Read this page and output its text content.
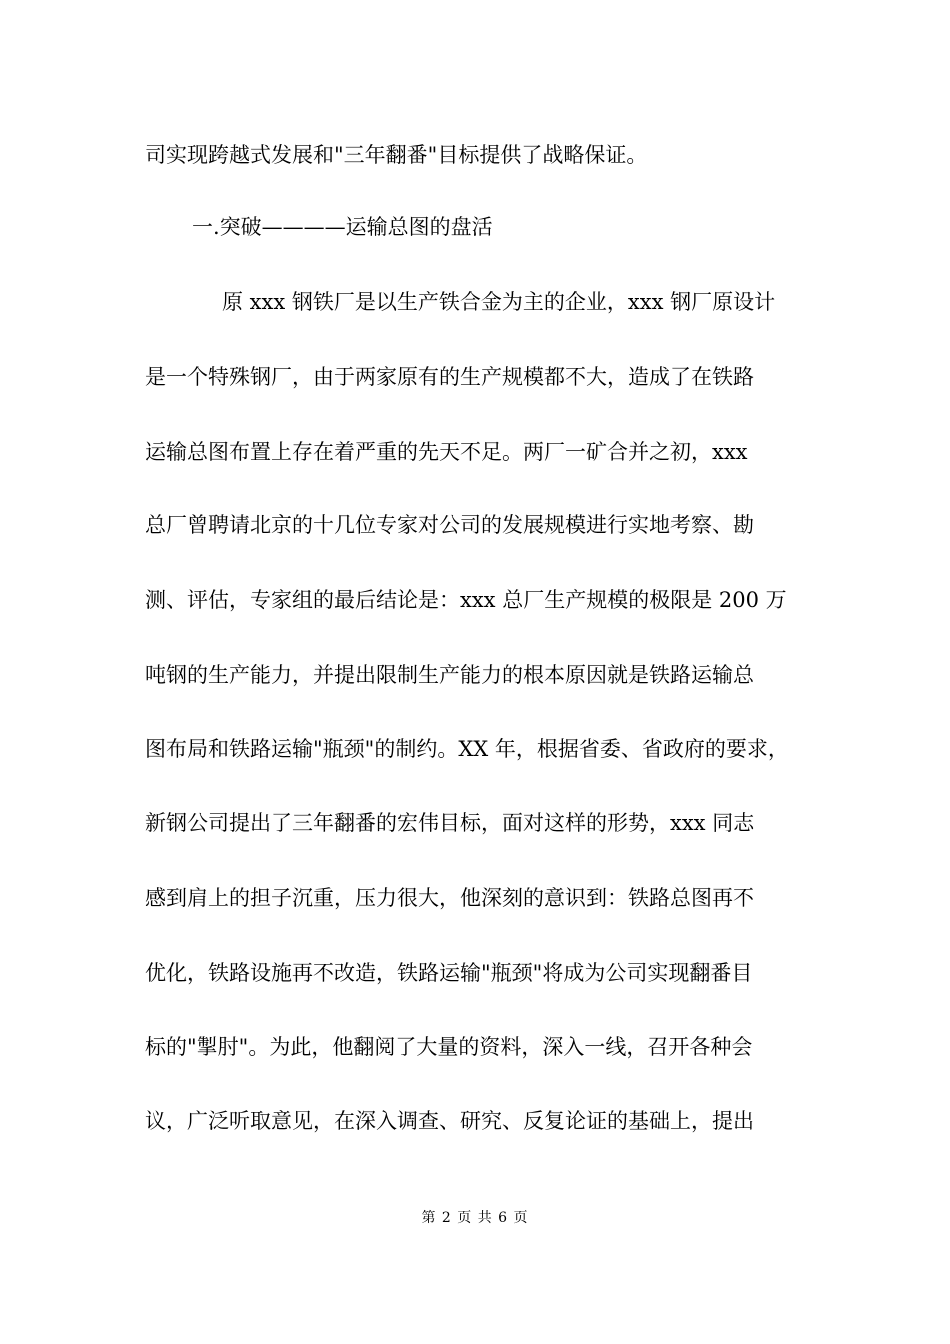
司实现跨越式发展和"三年翻番"目标提供了战略保证。
一.突破————运输总图的盘活
原 xxx 钢铁厂是以生产铁合金为主的企业，xxx 钢厂原设计
是一个特殊钢厂，由于两家原有的生产规模都不大，造成了在铁路
运输总图布置上存在着严重的先天不足。两厂一矿合并之初，xxx
总厂曾聘请北京的十几位专家对公司的发展规模进行实地考察、勘
测、评估，专家组的最后结论是：xxx 总厂生产规模的极限是 200 万
吨钢的生产能力，并提出限制生产能力的根本原因就是铁路运输总
图布局和铁路运输"瓶颈"的制约。XX 年，根据省委、省政府的要求，
新钢公司提出了三年翻番的宏伟目标，面对这样的形势，xxx 同志
感到肩上的担子沉重，压力很大，他深刻的意识到：铁路总图再不
优化，铁路设施再不改造，铁路运输"瓶颈"将成为公司实现翻番目
标的"掣肘"。为此，他翻阅了大量的资料，深入一线，召开各种会
议，广泛听取意见，在深入调查、研究、反复论证的基础上，提出
第 2 页 共 6 页
